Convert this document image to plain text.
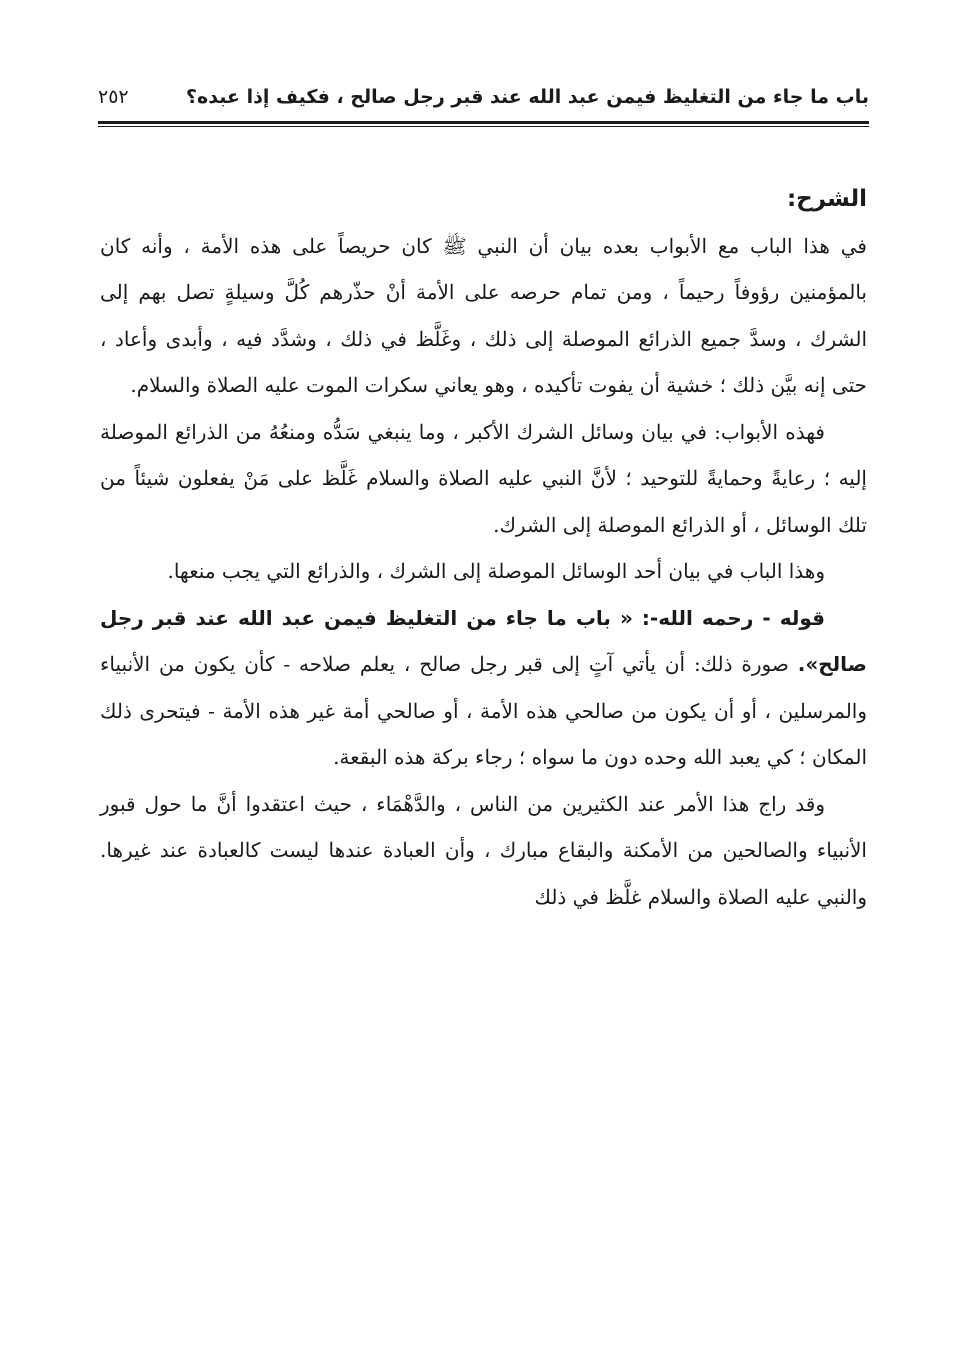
باب ما جاء من التغليظ فيمن عبد الله عند قبر رجل صالح ، فكيف إذا عبده؟
٢٥٢

الشرح:

في هذا الباب مع الأبواب بعده بيان أن النبي ﷺ كان حريصاً على هذه الأمة ، وأنه كان بالمؤمنين رؤوفاً رحيماً ، ومن تمام حرصه على الأمة أنْ حذّرهم كُلَّ وسيلةٍ تصل بهم إلى الشرك ، وسدَّ جميع الذرائع الموصلة إلى ذلك ، وغَلَّظ في ذلك ، وشدَّد فيه ، وأبدى وأعاد ، حتى إنه بيَّن ذلك ؛ خشية أن يفوت تأكيده ، وهو يعاني سكرات الموت عليه الصلاة والسلام.

فهذه الأبواب: في بيان وسائل الشرك الأكبر ، وما ينبغي سَدُّه ومنعُهُ من الذرائع الموصلة إليه ؛ رعايةً وحمايةً للتوحيد ؛ لأنَّ النبي عليه الصلاة والسلام غَلَّظ على مَنْ يفعلون شيئاً من تلك الوسائل ، أو الذرائع الموصلة إلى الشرك.

وهذا الباب في بيان أحد الوسائل الموصلة إلى الشرك ، والذرائع التي يجب منعها.

قوله - رحمه الله-: « باب ما جاء من التغليظ فيمن عبد الله عند قبر رجل صالح». صورة ذلك: أن يأتي آتٍ إلى قبر رجل صالح ، يعلم صلاحه - كأن يكون من الأنبياء والمرسلين ، أو أن يكون من صالحي هذه الأمة ، أو صالحي أمة غير هذه الأمة - فيتحرى ذلك المكان ؛ كي يعبد الله وحده دون ما سواه ؛ رجاء بركة هذه البقعة.

وقد راج هذا الأمر عند الكثيرين من الناس ، والدَّهْمَاء ، حيث اعتقدوا أنَّ ما حول قبور الأنبياء والصالحين من الأمكنة والبقاع مبارك ، وأن العبادة عندها ليست كالعبادة عند غيرها. والنبي عليه الصلاة والسلام غلَّظ في ذلك
